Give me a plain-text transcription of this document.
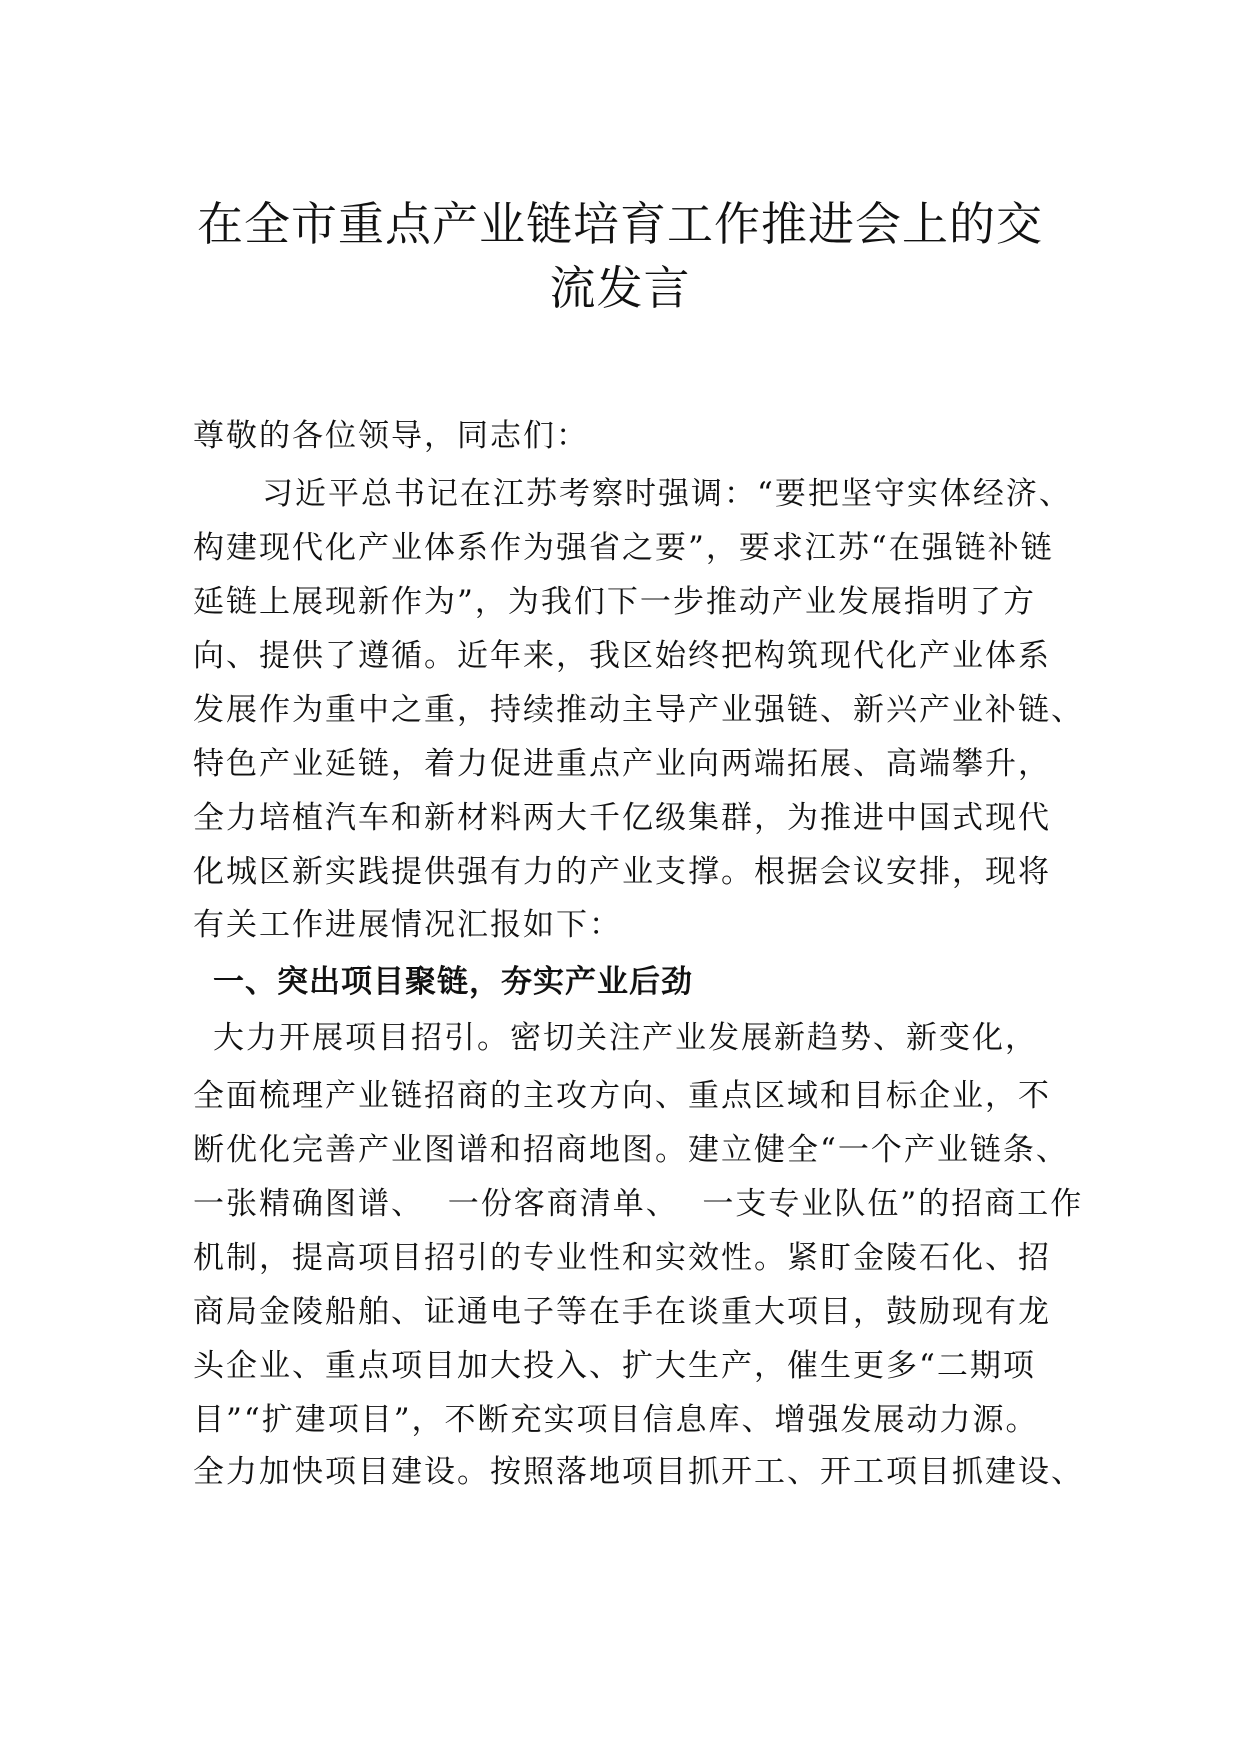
在全市重点产业链培育工作推进会上的交
流发言
尊敬的各位领导，同志们：
习近平总书记在江苏考察时强调：“要把坚守实体经济、
构建现代化产业体系作为强省之要”，要求江苏“在强链补链
延链上展现新作为”，为我们下一步推动产业发展指明了方
向、提供了遵循。近年来，我区始终把构筑现代化产业体系
发展作为重中之重，持续推动主导产业强链、新兴产业补链、
特色产业延链，着力促进重点产业向两端拓展、高端攀升，
全力培植汽车和新材料两大千亿级集群，为推进中国式现代
化城区新实践提供强有力的产业支撑。根据会议安排，现将
有关工作进展情况汇报如下：
一、突出项目聚链，夯实产业后劲
大力开展项目招引。密切关注产业发展新趋势、新变化，
全面梳理产业链招商的主攻方向、重点区域和目标企业，不
断优化完善产业图谱和招商地图。建立健全“一个产业链条、
一张精确图谱、  一份客商清单、  一支专业队伍”的招商工作
机制，提高项目招引的专业性和实效性。紧盯金陵石化、招
商局金陵船舶、证通电子等在手在谈重大项目，鼓励现有龙
头企业、重点项目加大投入、扩大生产，催生更多“二期项
目”“扩建项目”，不断充实项目信息库、增强发展动力源。
全力加快项目建设。按照落地项目抓开工、开工项目抓建设、
